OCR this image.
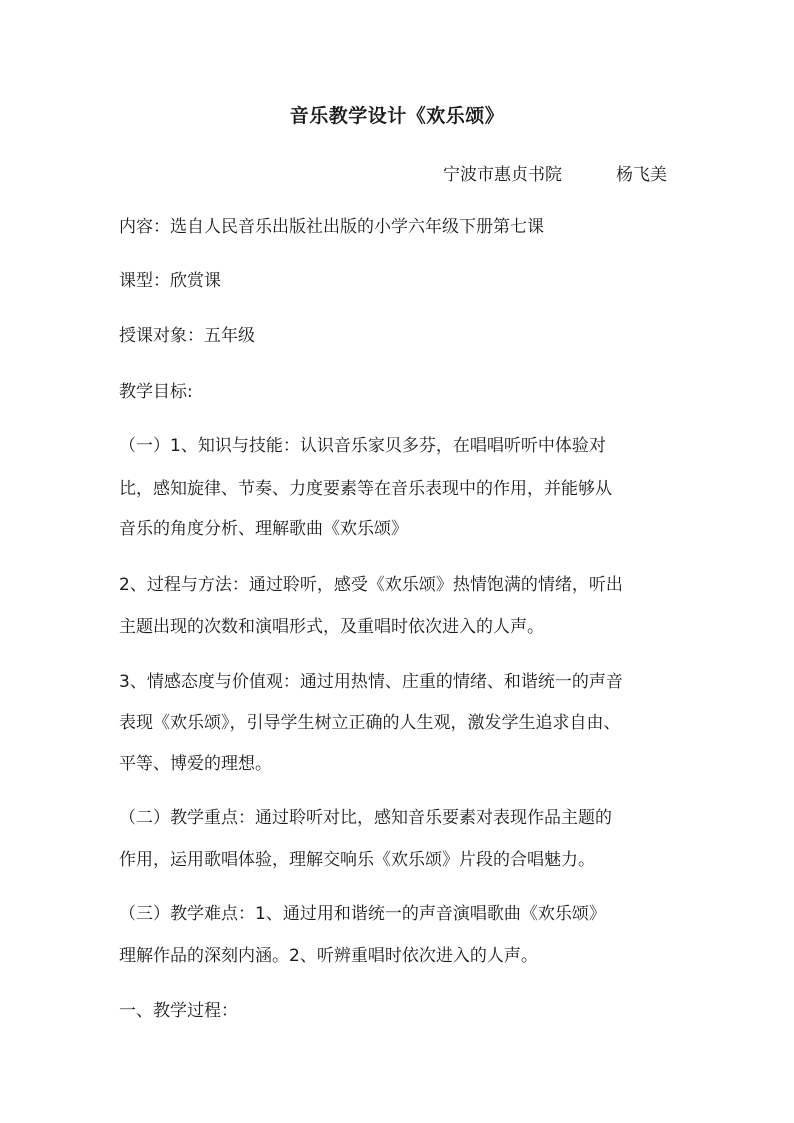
音乐教学设计《欢乐颂》
宁波市惠贞书院	杨飞美
内容：选自人民音乐出版社出版的小学六年级下册第七课
课型：欣赏课
授课对象：五年级
教学目标:
（一）1、知识与技能：认识音乐家贝多芬，在唱唱听听中体验对
比，感知旋律、节奏、力度要素等在音乐表现中的作用，并能够从
音乐的角度分析、理解歌曲《欢乐颂》
2、过程与方法：通过聆听，感受《欢乐颂》热情饱满的情绪，听出
主题出现的次数和演唱形式，及重唱时依次进入的人声。
3、情感态度与价值观：通过用热情、庄重的情绪、和谐统一的声音
表现《欢乐颂》，引导学生树立正确的人生观，激发学生追求自由、
平等、博爱的理想。
（二）教学重点：通过聆听对比，感知音乐要素对表现作品主题的
作用，运用歌唱体验，理解交响乐《欢乐颂》片段的合唱魅力。
（三）教学难点：1、通过用和谐统一的声音演唱歌曲《欢乐颂》
理解作品的深刻内涵。2、听辨重唱时依次进入的人声。
一、教学过程：
